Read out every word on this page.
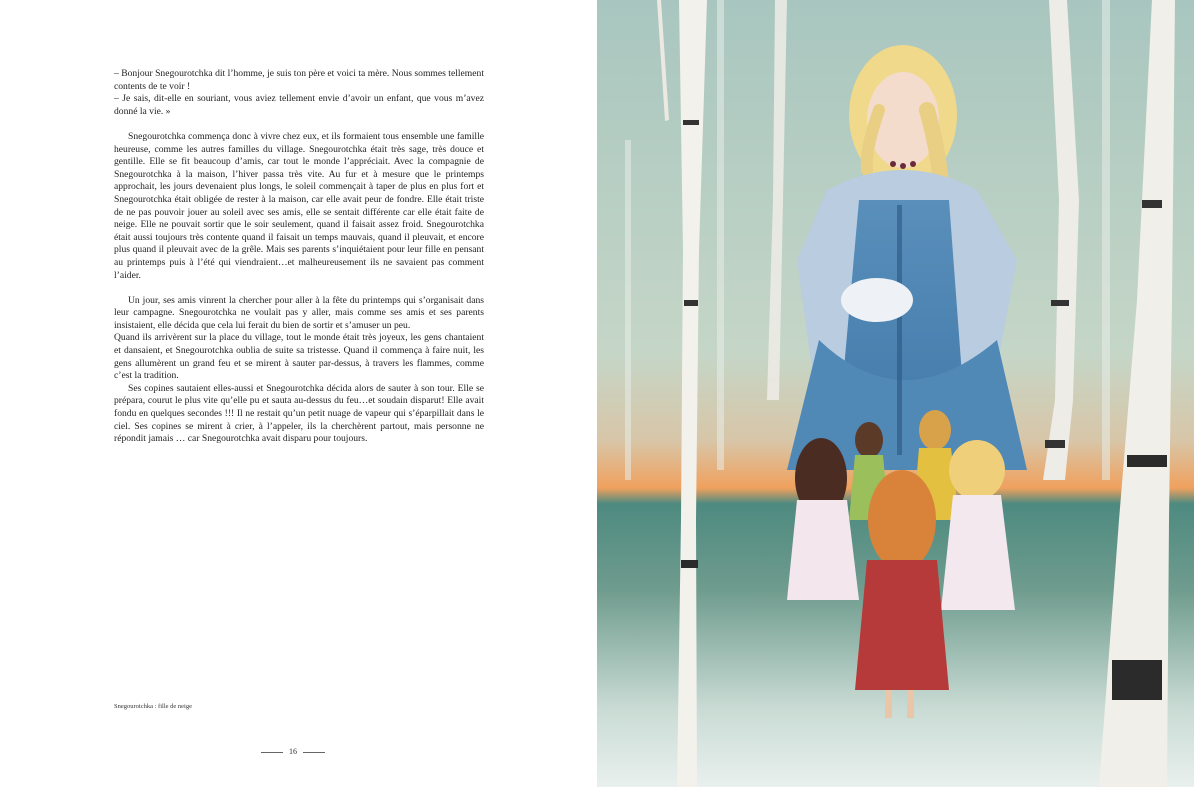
– Bonjour Snegourotchka dit l’homme, je suis ton père et voici ta mère. Nous sommes tellement contents de te voir !

– Je sais, dit-elle en souriant, vous aviez tellement envie d’avoir un enfant, que vous m’avez donné la vie. »

Snegourotchka commença donc à vivre chez eux, et ils formaient tous ensemble une famille heureuse, comme les autres familles du village. Snegourotchka était très sage, très douce et gentille. Elle se fit beaucoup d’amis, car tout le monde l’appréciait. Avec la compagnie de Snegourotchka à la maison, l’hiver passa très vite. Au fur et à mesure que le printemps approchait, les jours devenaient plus longs, le soleil commençait à taper de plus en plus fort et Snegourotchka était obligée de rester à la maison, car elle avait peur de fondre. Elle était triste de ne pas pouvoir jouer au soleil avec ses amis, elle se sentait différente car elle était faite de neige. Elle ne pouvait sortir que le soir seulement, quand il faisait assez froid. Snegourotchka était aussi toujours très contente quand il faisait un temps mauvais, quand il pleuvait, et encore plus quand il pleuvait avec de la grêle. Mais ses parents s’inquiétaient pour leur fille en pensant au printemps puis à l’été qui viendraient…et malheureusement ils ne savaient pas comment l’aider.

Un jour, ses amis vinrent la chercher pour aller à la fête du printemps qui s’organisait dans leur campagne. Snegourotchka ne voulait pas y aller, mais comme ses amis et ses parents insistaient, elle décida que cela lui ferait du bien de sortir et s’amuser un peu.

Quand ils arrivèrent sur la place du village, tout le monde était très joyeux, les gens chantaient et dansaient, et Snegourotchka oublia de suite sa tristesse. Quand il commença à faire nuit, les gens allumèrent un grand feu et se mirent à sauter par-dessus, à travers les flammes, comme c’est la tradition.

Ses copines sautaient elles-aussi et Snegourotchka décida alors de sauter à son tour. Elle se prépara, courut le plus vite qu’elle pu et sauta au-dessus du feu…et soudain disparut! Elle avait fondu en quelques secondes !!! Il ne restait qu’un petit nuage de vapeur qui s’éparpillait dans le ciel. Ses copines se mirent à crier, à l’appeler, ils la cherchèrent partout, mais personne ne répondit jamais … car Snegourotchka avait disparu pour toujours.

Snegourotchka : fille de neige
16
